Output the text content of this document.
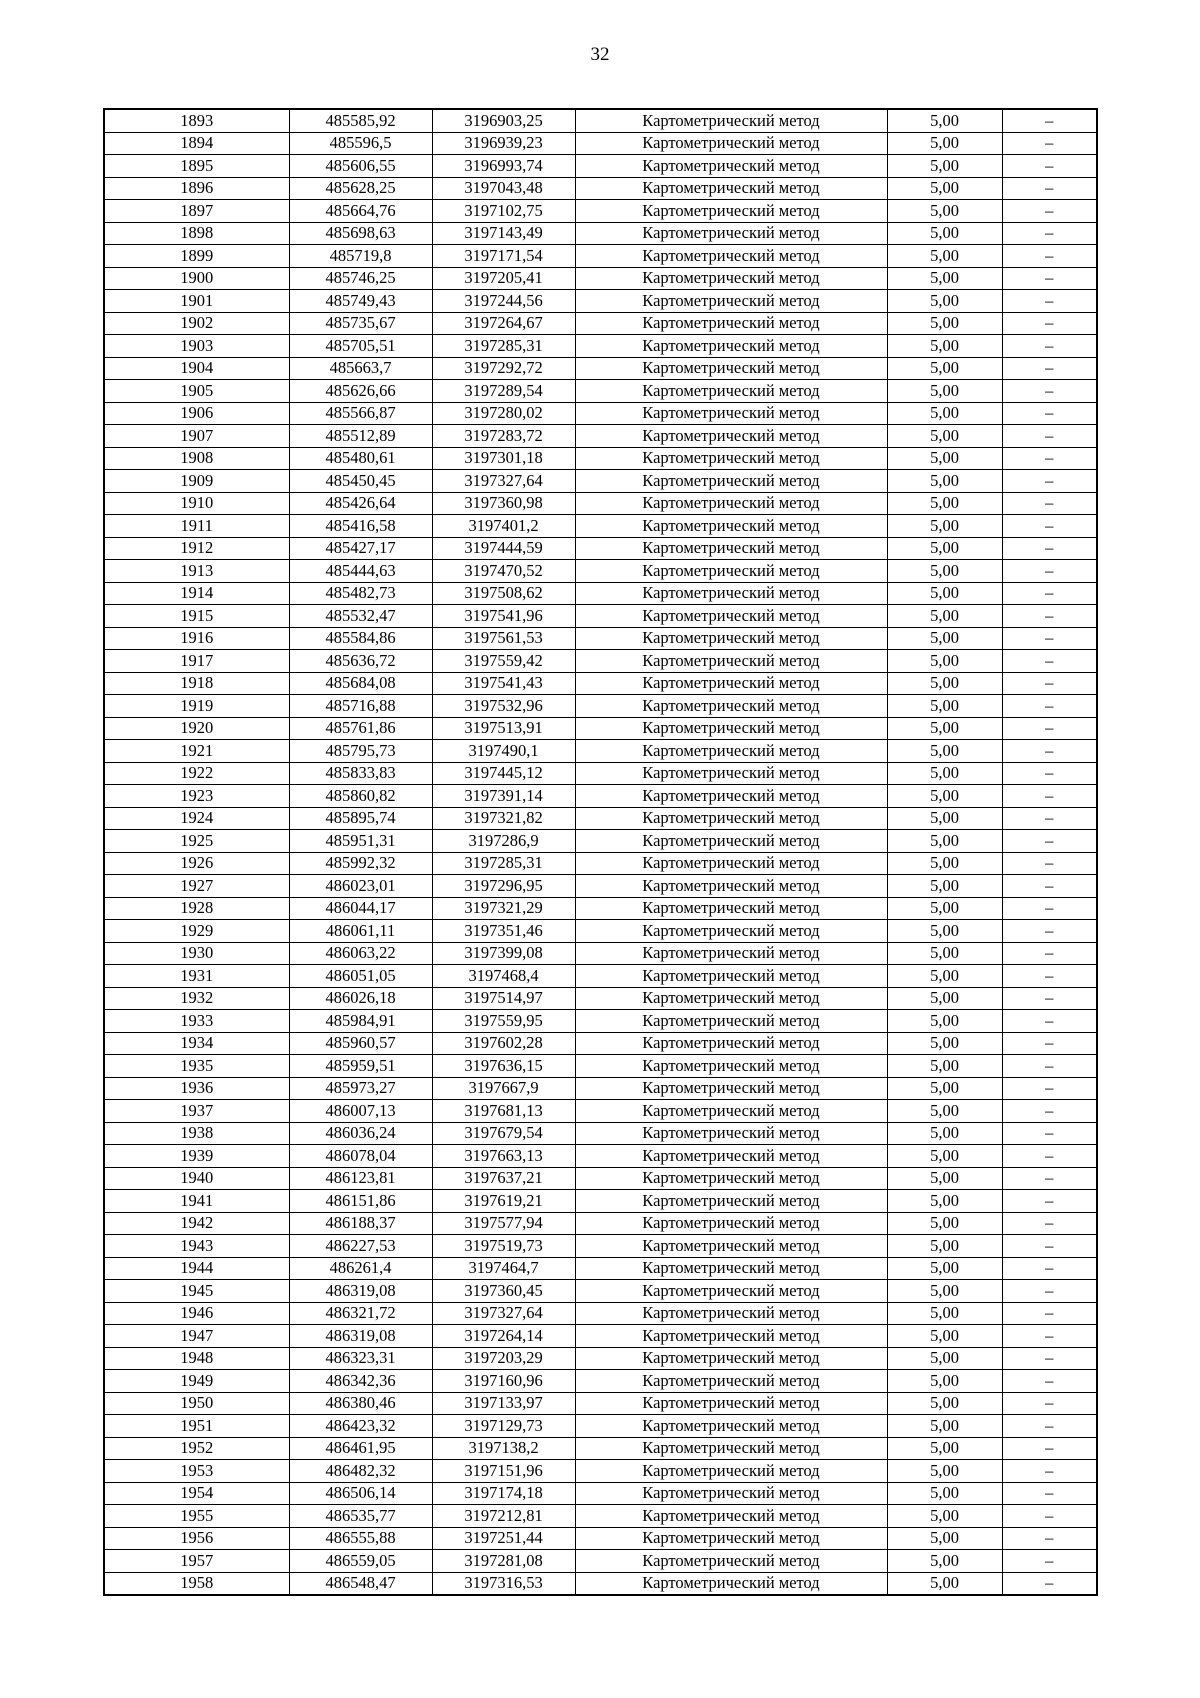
32
1893	485585,92	3196903,25	Картометрический метод	5,00	–
1894	485596,5	3196939,23	Картометрический метод	5,00	–
1895	485606,55	3196993,74	Картометрический метод	5,00	–
1896	485628,25	3197043,48	Картометрический метод	5,00	–
1897	485664,76	3197102,75	Картометрический метод	5,00	–
1898	485698,63	3197143,49	Картометрический метод	5,00	–
1899	485719,8	3197171,54	Картометрический метод	5,00	–
1900	485746,25	3197205,41	Картометрический метод	5,00	–
1901	485749,43	3197244,56	Картометрический метод	5,00	–
1902	485735,67	3197264,67	Картометрический метод	5,00	–
1903	485705,51	3197285,31	Картометрический метод	5,00	–
1904	485663,7	3197292,72	Картометрический метод	5,00	–
1905	485626,66	3197289,54	Картометрический метод	5,00	–
1906	485566,87	3197280,02	Картометрический метод	5,00	–
1907	485512,89	3197283,72	Картометрический метод	5,00	–
1908	485480,61	3197301,18	Картометрический метод	5,00	–
1909	485450,45	3197327,64	Картометрический метод	5,00	–
1910	485426,64	3197360,98	Картометрический метод	5,00	–
1911	485416,58	3197401,2	Картометрический метод	5,00	–
1912	485427,17	3197444,59	Картометрический метод	5,00	–
1913	485444,63	3197470,52	Картометрический метод	5,00	–
1914	485482,73	3197508,62	Картометрический метод	5,00	–
1915	485532,47	3197541,96	Картометрический метод	5,00	–
1916	485584,86	3197561,53	Картометрический метод	5,00	–
1917	485636,72	3197559,42	Картометрический метод	5,00	–
1918	485684,08	3197541,43	Картометрический метод	5,00	–
1919	485716,88	3197532,96	Картометрический метод	5,00	–
1920	485761,86	3197513,91	Картометрический метод	5,00	–
1921	485795,73	3197490,1	Картометрический метод	5,00	–
1922	485833,83	3197445,12	Картометрический метод	5,00	–
1923	485860,82	3197391,14	Картометрический метод	5,00	–
1924	485895,74	3197321,82	Картометрический метод	5,00	–
1925	485951,31	3197286,9	Картометрический метод	5,00	–
1926	485992,32	3197285,31	Картометрический метод	5,00	–
1927	486023,01	3197296,95	Картометрический метод	5,00	–
1928	486044,17	3197321,29	Картометрический метод	5,00	–
1929	486061,11	3197351,46	Картометрический метод	5,00	–
1930	486063,22	3197399,08	Картометрический метод	5,00	–
1931	486051,05	3197468,4	Картометрический метод	5,00	–
1932	486026,18	3197514,97	Картометрический метод	5,00	–
1933	485984,91	3197559,95	Картометрический метод	5,00	–
1934	485960,57	3197602,28	Картометрический метод	5,00	–
1935	485959,51	3197636,15	Картометрический метод	5,00	–
1936	485973,27	3197667,9	Картометрический метод	5,00	–
1937	486007,13	3197681,13	Картометрический метод	5,00	–
1938	486036,24	3197679,54	Картометрический метод	5,00	–
1939	486078,04	3197663,13	Картометрический метод	5,00	–
1940	486123,81	3197637,21	Картометрический метод	5,00	–
1941	486151,86	3197619,21	Картометрический метод	5,00	–
1942	486188,37	3197577,94	Картометрический метод	5,00	–
1943	486227,53	3197519,73	Картометрический метод	5,00	–
1944	486261,4	3197464,7	Картометрический метод	5,00	–
1945	486319,08	3197360,45	Картометрический метод	5,00	–
1946	486321,72	3197327,64	Картометрический метод	5,00	–
1947	486319,08	3197264,14	Картометрический метод	5,00	–
1948	486323,31	3197203,29	Картометрический метод	5,00	–
1949	486342,36	3197160,96	Картометрический метод	5,00	–
1950	486380,46	3197133,97	Картометрический метод	5,00	–
1951	486423,32	3197129,73	Картометрический метод	5,00	–
1952	486461,95	3197138,2	Картометрический метод	5,00	–
1953	486482,32	3197151,96	Картометрический метод	5,00	–
1954	486506,14	3197174,18	Картометрический метод	5,00	–
1955	486535,77	3197212,81	Картометрический метод	5,00	–
1956	486555,88	3197251,44	Картометрический метод	5,00	–
1957	486559,05	3197281,08	Картометрический метод	5,00	–
1958	486548,47	3197316,53	Картометрический метод	5,00	–
